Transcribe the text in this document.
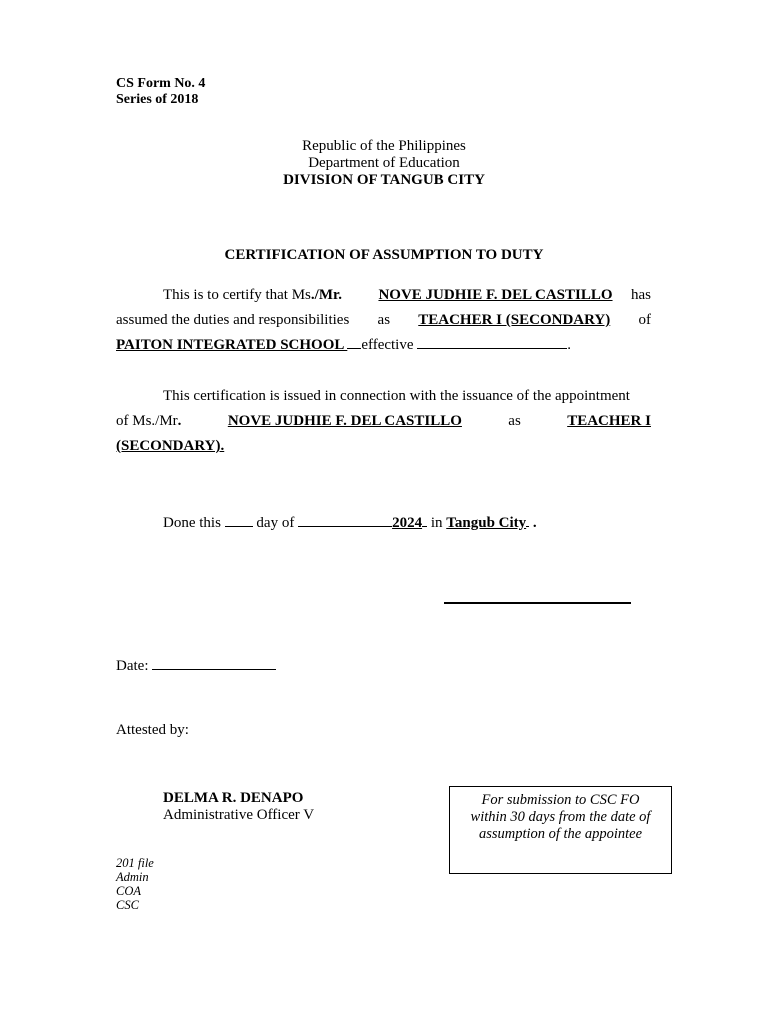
CS Form No. 4
Series of 2018
Republic of the Philippines
Department of Education
DIVISION OF TANGUB CITY
CERTIFICATION OF ASSUMPTION TO DUTY
This is to certify that Ms./Mr. NOVE JUDHIE F. DEL CASTILLO has
assumed the duties and responsibilities as TEACHER I (SECONDARY) of
PAITON INTEGRATED SCHOOL effective	.
This certification is issued in connection with the issuance of the appointment
of Ms./Mr.	NOVE JUDHIE F. DEL CASTILLO	as	TEACHER I
(SECONDARY).
Done this day of	2024 in Tangub City .
Date:
Attested by:
DELMA R. DENAPO
Administrative Officer V
For submission to CSC FO
within 30 days from the date of
assumption of the appointee
201 file
Admin
COA
CSC
